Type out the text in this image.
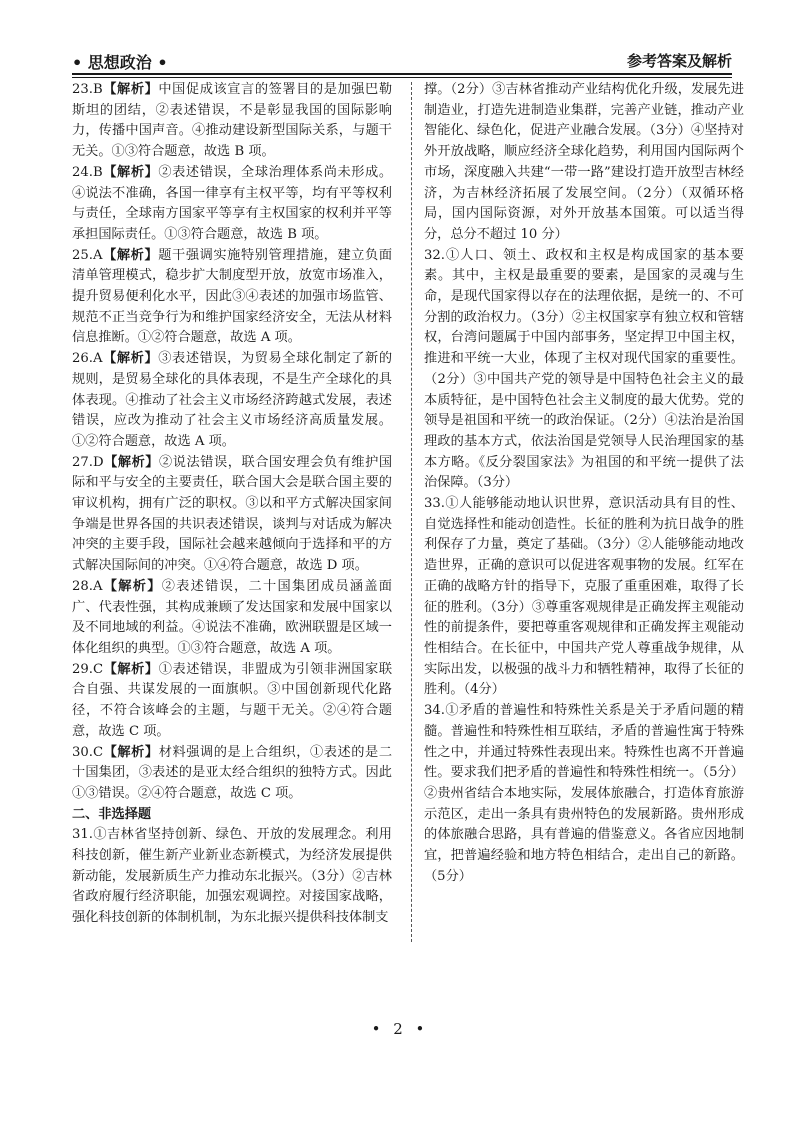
• 思想政治 •	参考答案及解析

23.B【解析】中国促成该宣言的签署目的是加强巴勒斯坦的团结，②表述错误，不是彰显我国的国际影响力，传播中国声音。④推动建设新型国际关系，与题干无关。①③符合题意，故选 B 项。

24.B【解析】②表述错误，全球治理体系尚未形成。④说法不准确，各国一律享有主权平等，均有平等权利与责任，全球南方国家平等享有主权国家的权利并平等承担国际责任。①③符合题意，故选 B 项。

25.A【解析】题干强调实施特别管理措施，建立负面清单管理模式，稳步扩大制度型开放，放宽市场准入，提升贸易便利化水平，因此③④表述的加强市场监管、规范不正当竞争行为和维护国家经济安全，无法从材料信息推断。①②符合题意，故选 A 项。

26.A【解析】③表述错误，为贸易全球化制定了新的规则，是贸易全球化的具体表现，不是生产全球化的具体表现。④推动了社会主义市场经济跨越式发展，表述错误，应改为推动了社会主义市场经济高质量发展。①②符合题意，故选 A 项。

27.D【解析】②说法错误，联合国安理会负有维护国际和平与安全的主要责任，联合国大会是联合国主要的审议机构，拥有广泛的职权。③以和平方式解决国家间争端是世界各国的共识表述错误，谈判与对话成为解决冲突的主要手段，国际社会越来越倾向于选择和平的方式解决国际间的冲突。①④符合题意，故选 D 项。

28.A【解析】②表述错误，二十国集团成员涵盖面广、代表性强，其构成兼顾了发达国家和发展中国家以及不同地域的利益。④说法不准确，欧洲联盟是区域一体化组织的典型。①③符合题意，故选 A 项。

29.C【解析】①表述错误，非盟成为引领非洲国家联合自强、共谋发展的一面旗帜。③中国创新现代化路径，不符合该峰会的主题，与题干无关。②④符合题意，故选 C 项。

30.C【解析】材料强调的是上合组织，①表述的是二十国集团，③表述的是亚太经合组织的独特方式。因此①③错误。②④符合题意，故选 C 项。

二、非选择题

31.①吉林省坚持创新、绿色、开放的发展理念。利用科技创新，催生新产业新业态新模式，为经济发展提供新动能，发展新质生产力推动东北振兴。（3分）②吉林省政府履行经济职能，加强宏观调控。对接国家战略，强化科技创新的体制机制，为东北振兴提供科技体制支

撑。（2分）③吉林省推动产业结构优化升级，发展先进制造业，打造先进制造业集群，完善产业链，推动产业智能化、绿色化，促进产业融合发展。（3分）④坚持对外开放战略，顺应经济全球化趋势，利用国内国际两个市场，深度融入共建“一带一路”建设打造开放型吉林经济，为吉林经济拓展了发展空间。（2分）（双循环格局，国内国际资源，对外开放基本国策。可以适当得分，总分不超过 10 分）

32.①人口、领土、政权和主权是构成国家的基本要素。其中，主权是最重要的要素，是国家的灵魂与生命，是现代国家得以存在的法理依据，是统一的、不可分割的政治权力。（3分）②主权国家享有独立权和管辖权，台湾问题属于中国内部事务，坚定捍卫中国主权，推进和平统一大业，体现了主权对现代国家的重要性。（2分）③中国共产党的领导是中国特色社会主义的最本质特征，是中国特色社会主义制度的最大优势。党的领导是祖国和平统一的政治保证。（2分）④法治是治国理政的基本方式，依法治国是党领导人民治理国家的基本方略。《反分裂国家法》为祖国的和平统一提供了法治保障。（3分）

33.①人能够能动地认识世界，意识活动具有目的性、自觉选择性和能动创造性。长征的胜利为抗日战争的胜利保存了力量，奠定了基础。（3分）②人能够能动地改造世界，正确的意识可以促进客观事物的发展。红军在正确的战略方针的指导下，克服了重重困难，取得了长征的胜利。（3分）③尊重客观规律是正确发挥主观能动性的前提条件，要把尊重客观规律和正确发挥主观能动性相结合。在长征中，中国共产党人尊重战争规律，从实际出发，以极强的战斗力和牺牲精神，取得了长征的胜利。（4分）

34.①矛盾的普遍性和特殊性关系是关于矛盾问题的精髓。普遍性和特殊性相互联结，矛盾的普遍性寓于特殊性之中，并通过特殊性表现出来。特殊性也离不开普遍性。要求我们把矛盾的普遍性和特殊性相统一。（5分）②贵州省结合本地实际，发展体旅融合，打造体育旅游示范区，走出一条具有贵州特色的发展新路。贵州形成的体旅融合思路，具有普遍的借鉴意义。各省应因地制宜，把普遍经验和地方特色相结合，走出自己的新路。（5分）

• 2 •
